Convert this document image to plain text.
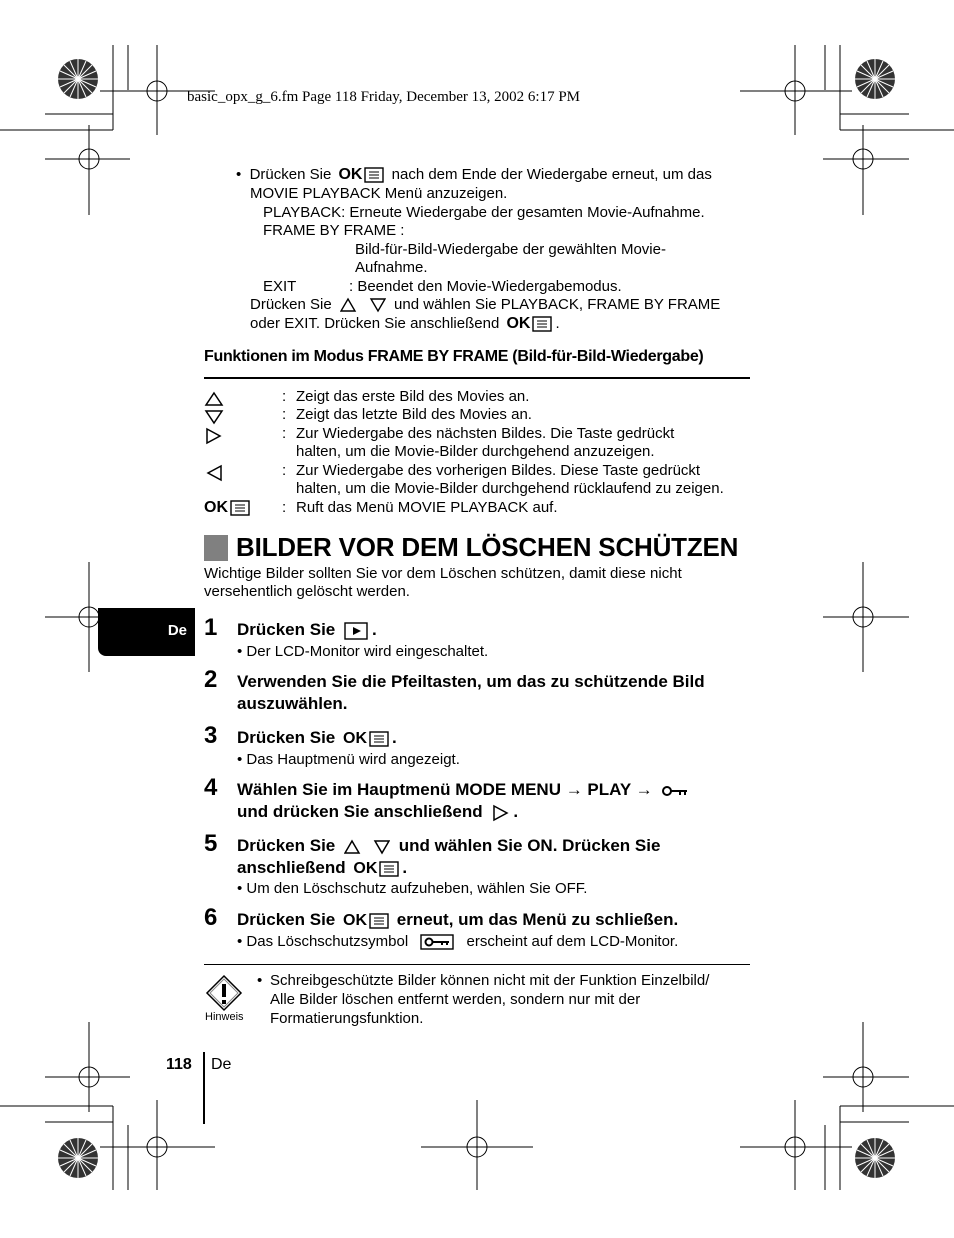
basic_opx_g_6.fm Page 118 Friday, December 13, 2002 6:17 PM
•  Drücken Sie OK nach dem Ende der Wiedergabe erneut, um das
MOVIE PLAYBACK Menü anzuzeigen.
PLAYBACK: Erneute Wiedergabe der gesamten Movie-Aufnahme.
FRAME BY FRAME :
Bild-für-Bild-Wiedergabe der gewählten Movie-
Aufnahme.
EXIT	: Beendet den Movie-Wiedergabemodus.
Drücken Sie	und wählen Sie PLAYBACK, FRAME BY FRAME
oder EXIT. Drücken Sie anschließend OK .
Funktionen im Modus FRAME BY FRAME (Bild-für-Bild-Wiedergabe)
: Zeigt das erste Bild des Movies an.
: Zeigt das letzte Bild des Movies an.
: Zur Wiedergabe des nächsten Bildes. Die Taste gedrückt
halten, um die Movie-Bilder durchgehend anzuzeigen.
: Zur Wiedergabe des vorherigen Bildes. Diese Taste gedrückt
halten, um die Movie-Bilder durchgehend rücklaufend zu zeigen.
OK	: Ruft das Menü MOVIE PLAYBACK auf.
BILDER VOR DEM LÖSCHEN SCHÜTZEN
Wichtige Bilder sollten Sie vor dem Löschen schützen, damit diese nicht
versehentlich gelöscht werden.
De 1 Drücken Sie .
• Der LCD-Monitor wird eingeschaltet.
2 Verwenden Sie die Pfeiltasten, um das zu schützende Bild
auszuwählen.
3 Drücken Sie OK .
• Das Hauptmenü wird angezeigt.
4 Wählen Sie im Hauptmenü MODE MENU → PLAY →
und drücken Sie anschließend .
5 Drücken Sie	und wählen Sie ON. Drücken Sie
anschließend OK .
• Um den Löschschutz aufzuheben, wählen Sie OFF.
6 Drücken Sie OK erneut, um das Menü zu schließen.
• Das Löschschutzsymbol	erscheint auf dem LCD-Monitor.
Hinweis
• Schreibgeschützte Bilder können nicht mit der Funktion Einzelbild/
Alle Bilder löschen entfernt werden, sondern nur mit der
Formatierungsfunktion.
118 De
